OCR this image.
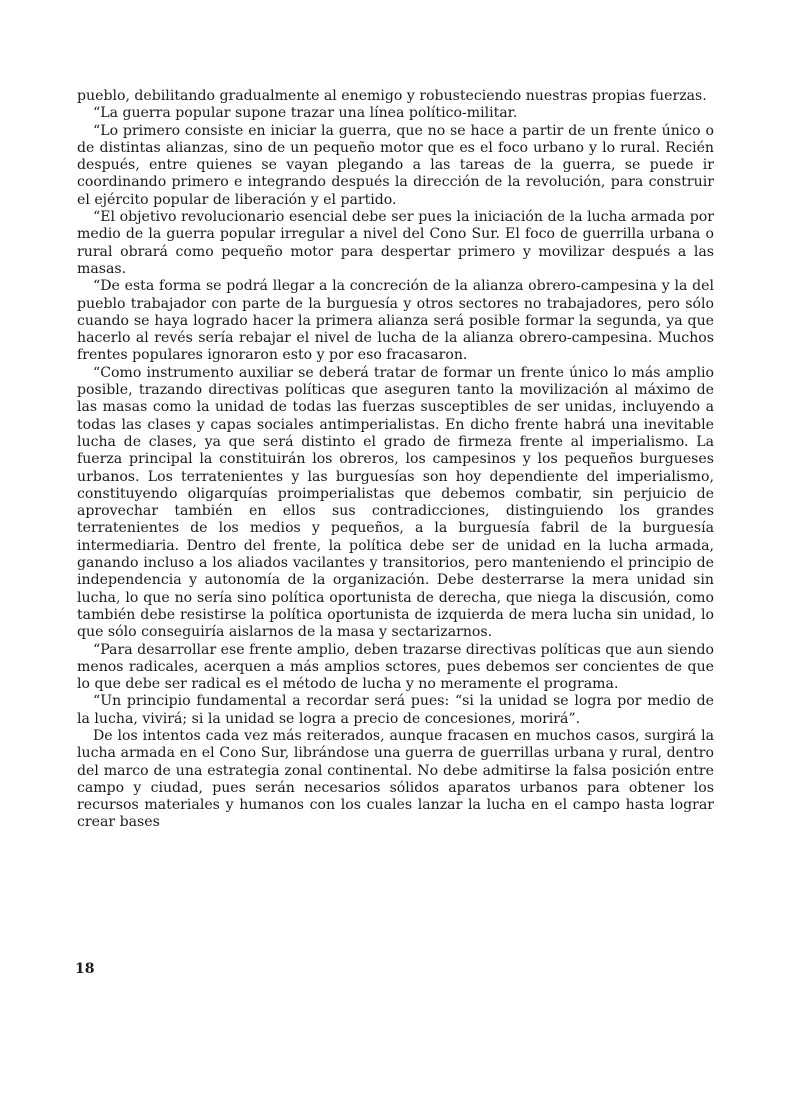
pueblo, debilitando gradualmente al enemigo y robusteciendo nuestras propias fuerzas.

“La guerra popular supone trazar una línea político-militar.

“Lo primero consiste en iniciar la guerra, que no se hace a partir de un frente único o de distintas alianzas, sino de un pequeño motor que es el foco urbano y lo rural. Recién después, entre quienes se vayan plegando a las tareas de la guerra, se puede ir coordinando primero e integrando después la dirección de la revolución, para construir el ejército popular de liberación y el partido.

“El objetivo revolucionario esencial debe ser pues la iniciación de la lucha armada por medio de la guerra popular irregular a nivel del Cono Sur. El foco de guerrilla urbana o rural obrará como pequeño motor para despertar primero y movilizar después a las masas.

“De esta forma se podrá llegar a la concreción de la alianza obrero-campesina y la del pueblo trabajador con parte de la burguesía y otros sectores no trabajadores, pero sólo cuando se haya logrado hacer la primera alianza será posible formar la segunda, ya que hacerlo al revés sería rebajar el nivel de lucha de la alianza obrero-campesina. Muchos frentes populares ignoraron esto y por eso fracasaron.

“Como instrumento auxiliar se deberá tratar de formar un frente único lo más amplio posible, trazando directivas políticas que aseguren tanto la movilización al máximo de las masas como la unidad de todas las fuerzas susceptibles de ser unidas, incluyendo a todas las clases y capas sociales antimperialistas. En dicho frente habrá una inevitable lucha de clases, ya que será distinto el grado de firmeza frente al imperialismo. La fuerza principal la constituirán los obreros, los campesinos y los pequeños burgueses urbanos. Los terratenientes y las burguesías son hoy dependiente del imperialismo, constituyendo oligarquías proimperialistas que debemos combatir, sin perjuicio de aprovechar también en ellos sus contradicciones, distinguiendo los grandes terratenientes de los medios y pequeños, a la burguesía fabril de la burguesía intermediaria. Dentro del frente, la política debe ser de unidad en la lucha armada, ganando incluso a los aliados vacilantes y transitorios, pero manteniendo el principio de independencia y autonomía de la organización. Debe desterrarse la mera unidad sin lucha, lo que no sería sino política oportunista de derecha, que niega la discusión, como también debe resistirse la política oportunista de izquierda de mera lucha sin unidad, lo que sólo conseguiría aislarnos de la masa y sectarizarnos.

“Para desarrollar ese frente amplio, deben trazarse directivas políticas que aun siendo menos radicales, acerquen a más amplios sctores, pues debemos ser concientes de que lo que debe ser radical es el método de lucha y no meramente el programa.

“Un principio fundamental a recordar será pues: “si la unidad se logra por medio de la lucha, vivirá; si la unidad se logra a precio de concesiones, morirá”.

De los intentos cada vez más reiterados, aunque fracasen en muchos casos, surgirá la lucha armada en el Cono Sur, librándose una guerra de guerrillas urbana y rural, dentro del marco de una estrategia zonal continental. No debe admitirse la falsa posición entre campo y ciudad, pues serán necesarios sólidos aparatos urbanos para obtener los recursos materiales y humanos con los cuales lanzar la lucha en el campo hasta lograr crear bases

18
